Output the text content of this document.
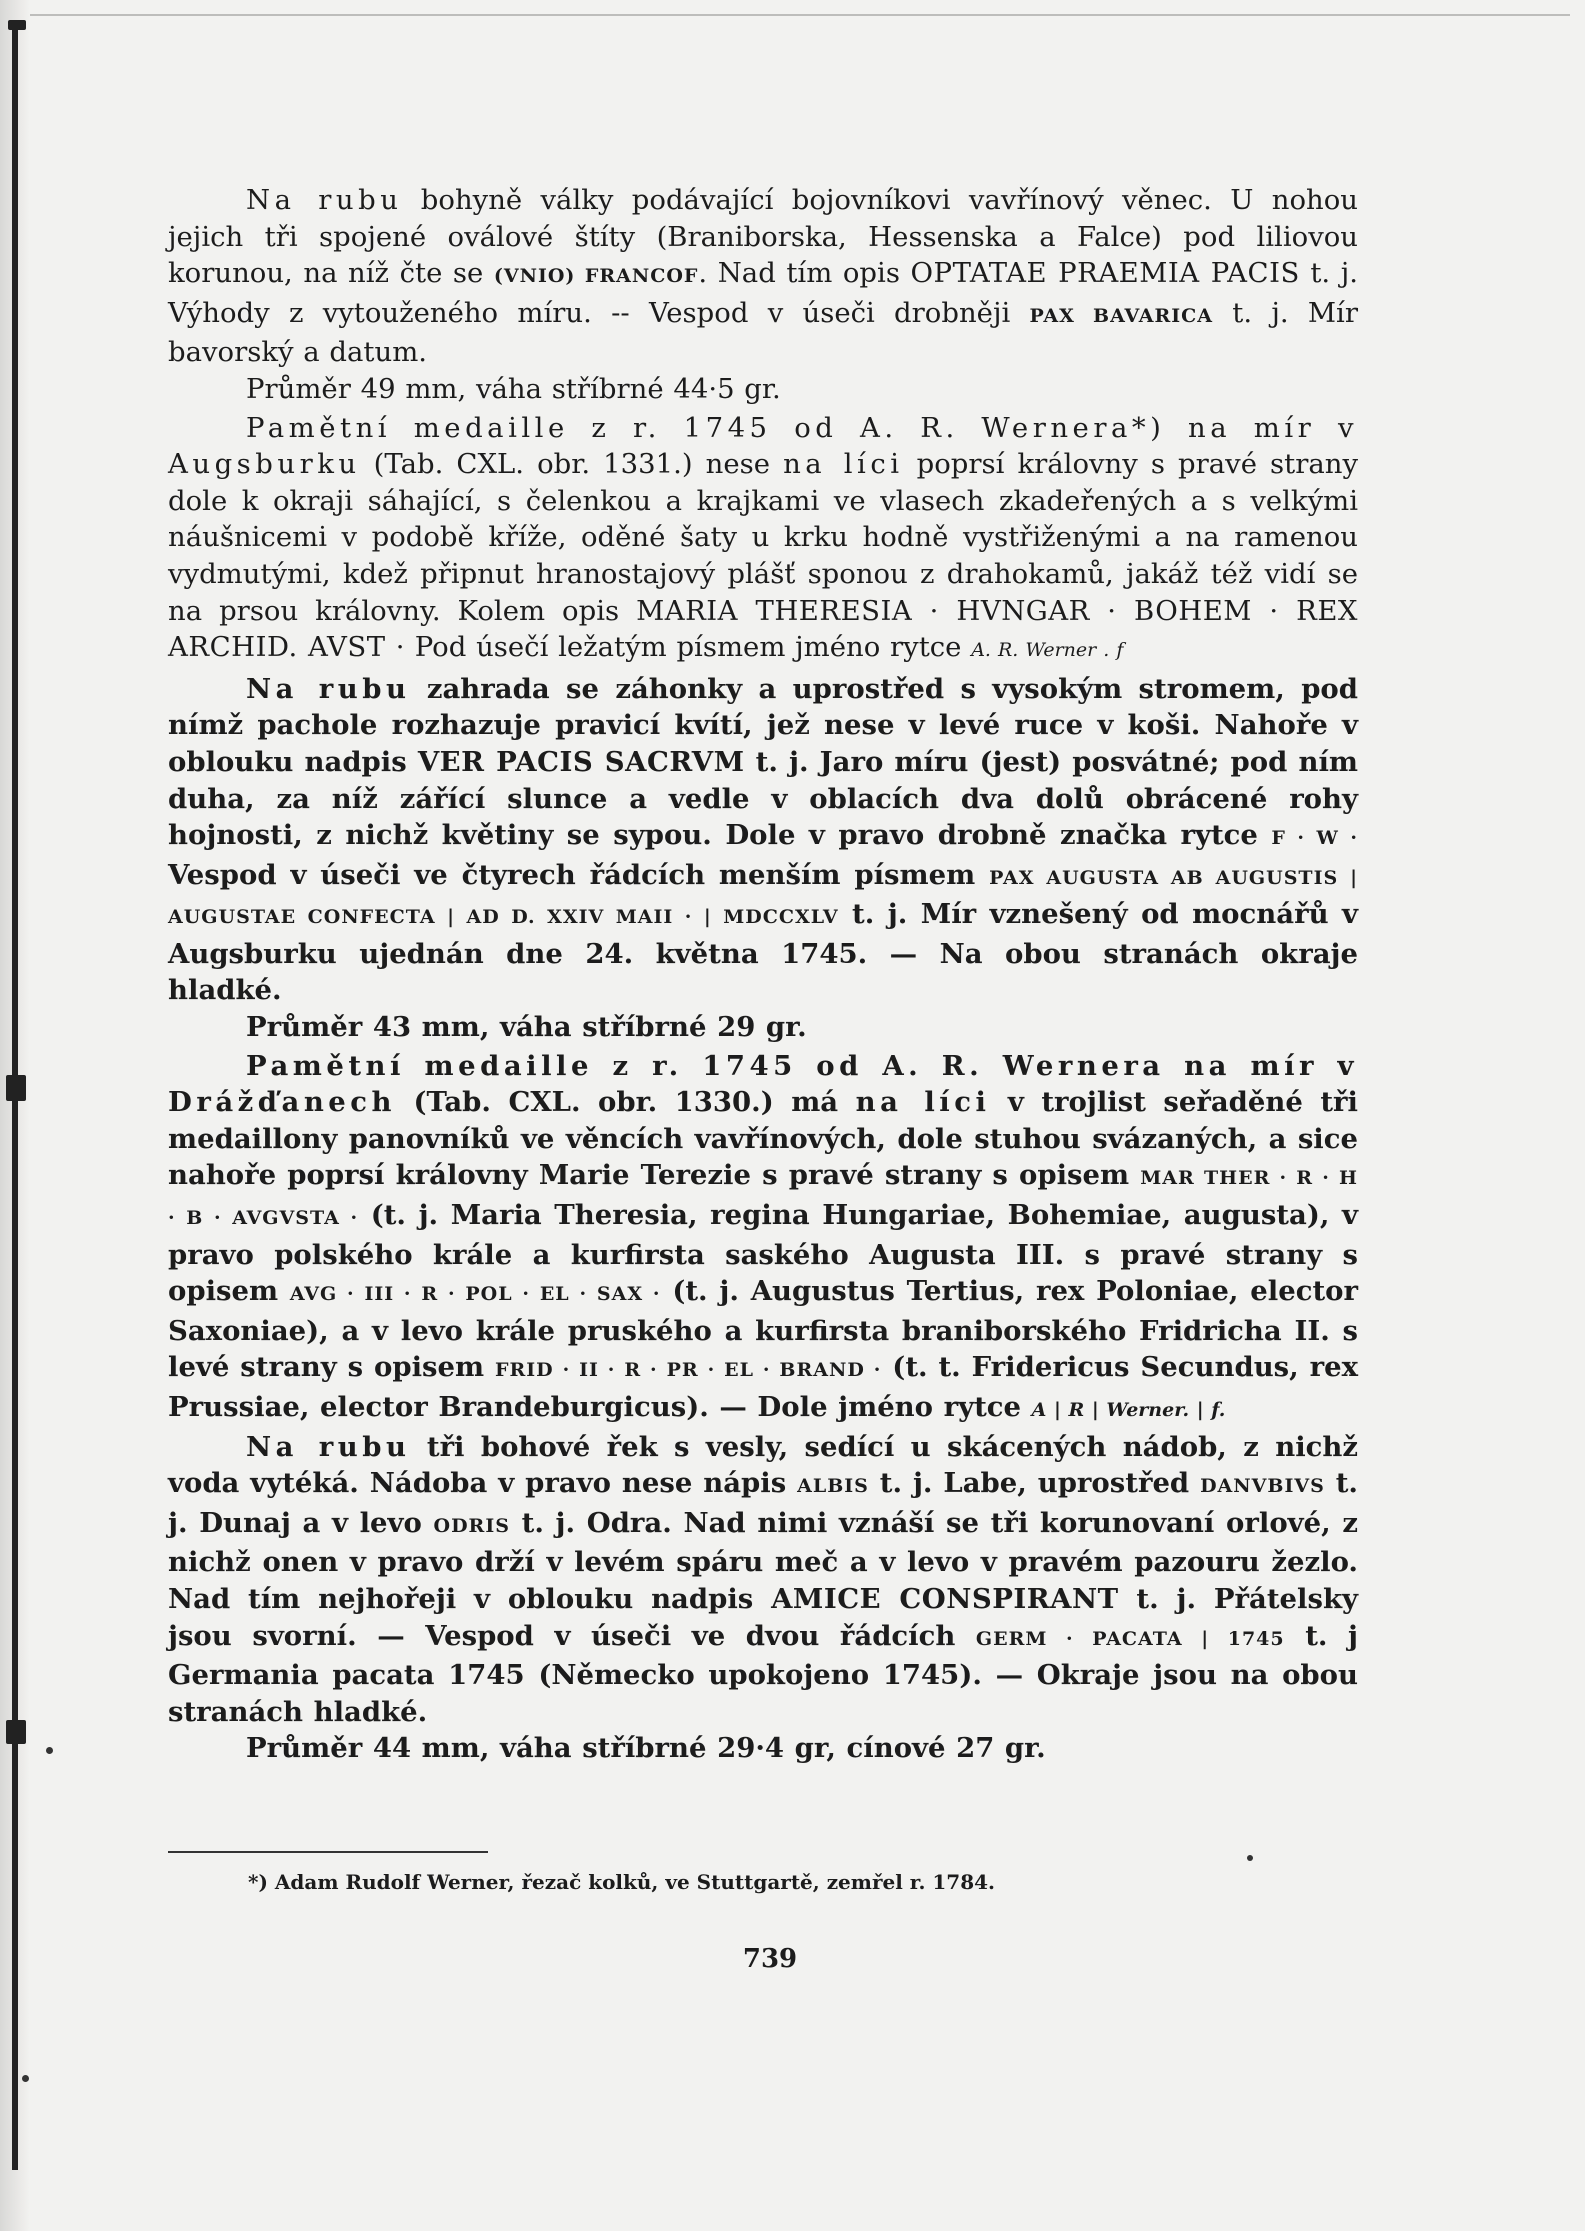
Na rubu bohyně války podávající bojovníkovi vavřínový věnec. U nohou jejich tři spojené oválové štíty (Braniborska, Hessenska a Falce) pod liliovou korunou, na níž čte se (VNIO) FRANCOF. Nad tím opis OPTATAE PRAEMIA PACIS t. j. Výhody z vytouženého míru. -- Vespod v úseči drobněji PAX BAVARICA t. j. Mír bavorský a datum.

Průměr 49 mm, váha stříbrné 44·5 gr.

Pamětní medaille z r. 1745 od A. R. Wernera*) na mír v Augsburku (Tab. CXL. obr. 1331.) nese na líci poprsí královny s pravé strany dole k okraji sáhající, s čelenkou a krajkami ve vlasech zkadeřených a s velkými náušnicemi v podobě kříže, oděné šaty u krku hodně vystřiženými a na ramenou vydmutými, kdež připnut hranostajový plášť sponou z drahokamů, jakáž též vidí se na prsou královny. Kolem opis MARIA THERESIA · HVNGAR · BOHEM · REX ARCHID. AVST · Pod úsečí ležatým písmem jméno rytce A. R. Werner . f

Na rubu zahrada se záhonky a uprostřed s vysokým stromem, pod nímž pachole rozhazuje pravicí kvítí, jež nese v levé ruce v koši. Nahoře v oblouku nadpis VER PACIS SACRVM t. j. Jaro míru (jest) posvátné; pod ním duha, za níž zářící slunce a vedle v oblacích dva dolů obrácené rohy hojnosti, z nichž květiny se sypou. Dole v pravo drobně značka rytce F · W · Vespod v úseči ve čtyrech řádcích menším písmem PAX AUGUSTA AB AUGUSTIS | AUGUSTAE CONFECTA | AD D. XXIV MAII · | MDCCXLV t. j. Mír vznešený od mocnářů v Augsburku ujednán dne 24. května 1745. — Na obou stranách okraje hladké.

Průměr 43 mm, váha stříbrné 29 gr.

Pamětní medaille z r. 1745 od A. R. Wernera na mír v Drážďanech (Tab. CXL. obr. 1330.) má na líci v trojlist seřaděné tři medaillony panovníků ve věncích vavřínových, dole stuhou svázaných, a sice nahoře poprsí královny Marie Terezie s pravé strany s opisem MAR THER · R · H · B · AVGVSTA · (t. j. Maria Theresia, regina Hungariae, Bohemiae, augusta), v pravo polského krále a kurfirsta saského Augusta III. s pravé strany s opisem AVG · III · R · POL · EL · SAX · (t. j. Augustus Tertius, rex Poloniae, elector Saxoniae), a v levo krále pruského a kurfirsta braniborského Fridricha II. s levé strany s opisem FRID · II · R · PR · EL · BRAND · (t. t. Fridericus Secundus, rex Prussiae, elector Brandeburgicus). — Dole jméno rytce A | R | Werner. | f.

Na rubu tři bohové řek s vesly, sedící u skácených nádob, z nichž voda vytéká. Nádoba v pravo nese nápis ALBIS t. j. Labe, uprostřed DANVBIVS t. j. Dunaj a v levo ODRIS t. j. Odra. Nad nimi vznáší se tři korunovaní orlové, z nichž onen v pravo drží v levém spáru meč a v levo v pravém pazouru žezlo. Nad tím nejhořeji v oblouku nadpis AMICE CONSPIRANT t. j. Přátelsky jsou svorní. — Vespod v úseči ve dvou řádcích GERM · PACATA | 1745 t. j Germania pacata 1745 (Německo upokojeno 1745). — Okraje jsou na obou stranách hladké.

Průměr 44 mm, váha stříbrné 29·4 gr, cínové 27 gr.

*) Adam Rudolf Werner, řezač kolků, ve Stuttgartě, zemřel r. 1784.
739
